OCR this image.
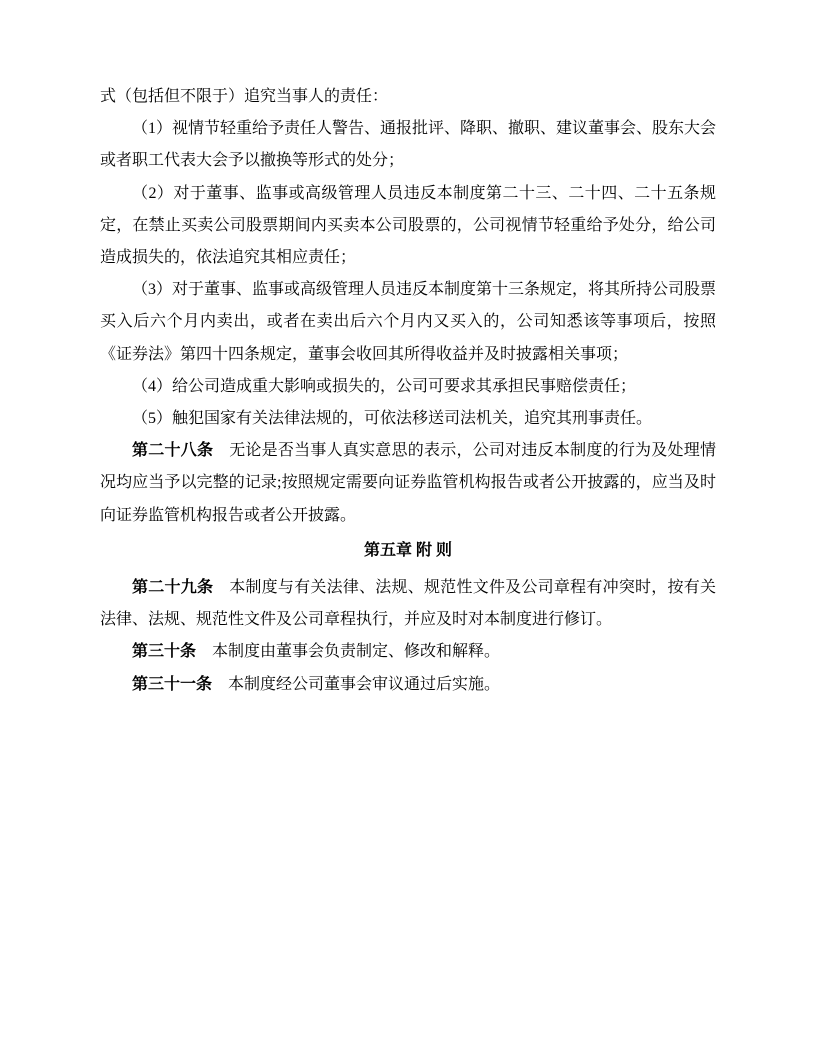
式（包括但不限于）追究当事人的责任：

（1）视情节轻重给予责任人警告、通报批评、降职、撤职、建议董事会、股东大会或者职工代表大会予以撤换等形式的处分；

（2）对于董事、监事或高级管理人员违反本制度第二十三、二十四、二十五条规定，在禁止买卖公司股票期间内买卖本公司股票的，公司视情节轻重给予处分，给公司造成损失的，依法追究其相应责任；

（3）对于董事、监事或高级管理人员违反本制度第十三条规定，将其所持公司股票买入后六个月内卖出，或者在卖出后六个月内又买入的，公司知悉该等事项后，按照《证券法》第四十四条规定，董事会收回其所得收益并及时披露相关事项；

（4）给公司造成重大影响或损失的，公司可要求其承担民事赔偿责任；

（5）触犯国家有关法律法规的，可依法移送司法机关，追究其刑事责任。

第二十八条 无论是否当事人真实意思的表示，公司对违反本制度的行为及处理情况均应当予以完整的记录;按照规定需要向证券监管机构报告或者公开披露的，应当及时向证券监管机构报告或者公开披露。

第五章 附 则

第二十九条 本制度与有关法律、法规、规范性文件及公司章程有冲突时，按有关法律、法规、规范性文件及公司章程执行，并应及时对本制度进行修订。

第三十条 本制度由董事会负责制定、修改和解释。

第三十一条 本制度经公司董事会审议通过后实施。
